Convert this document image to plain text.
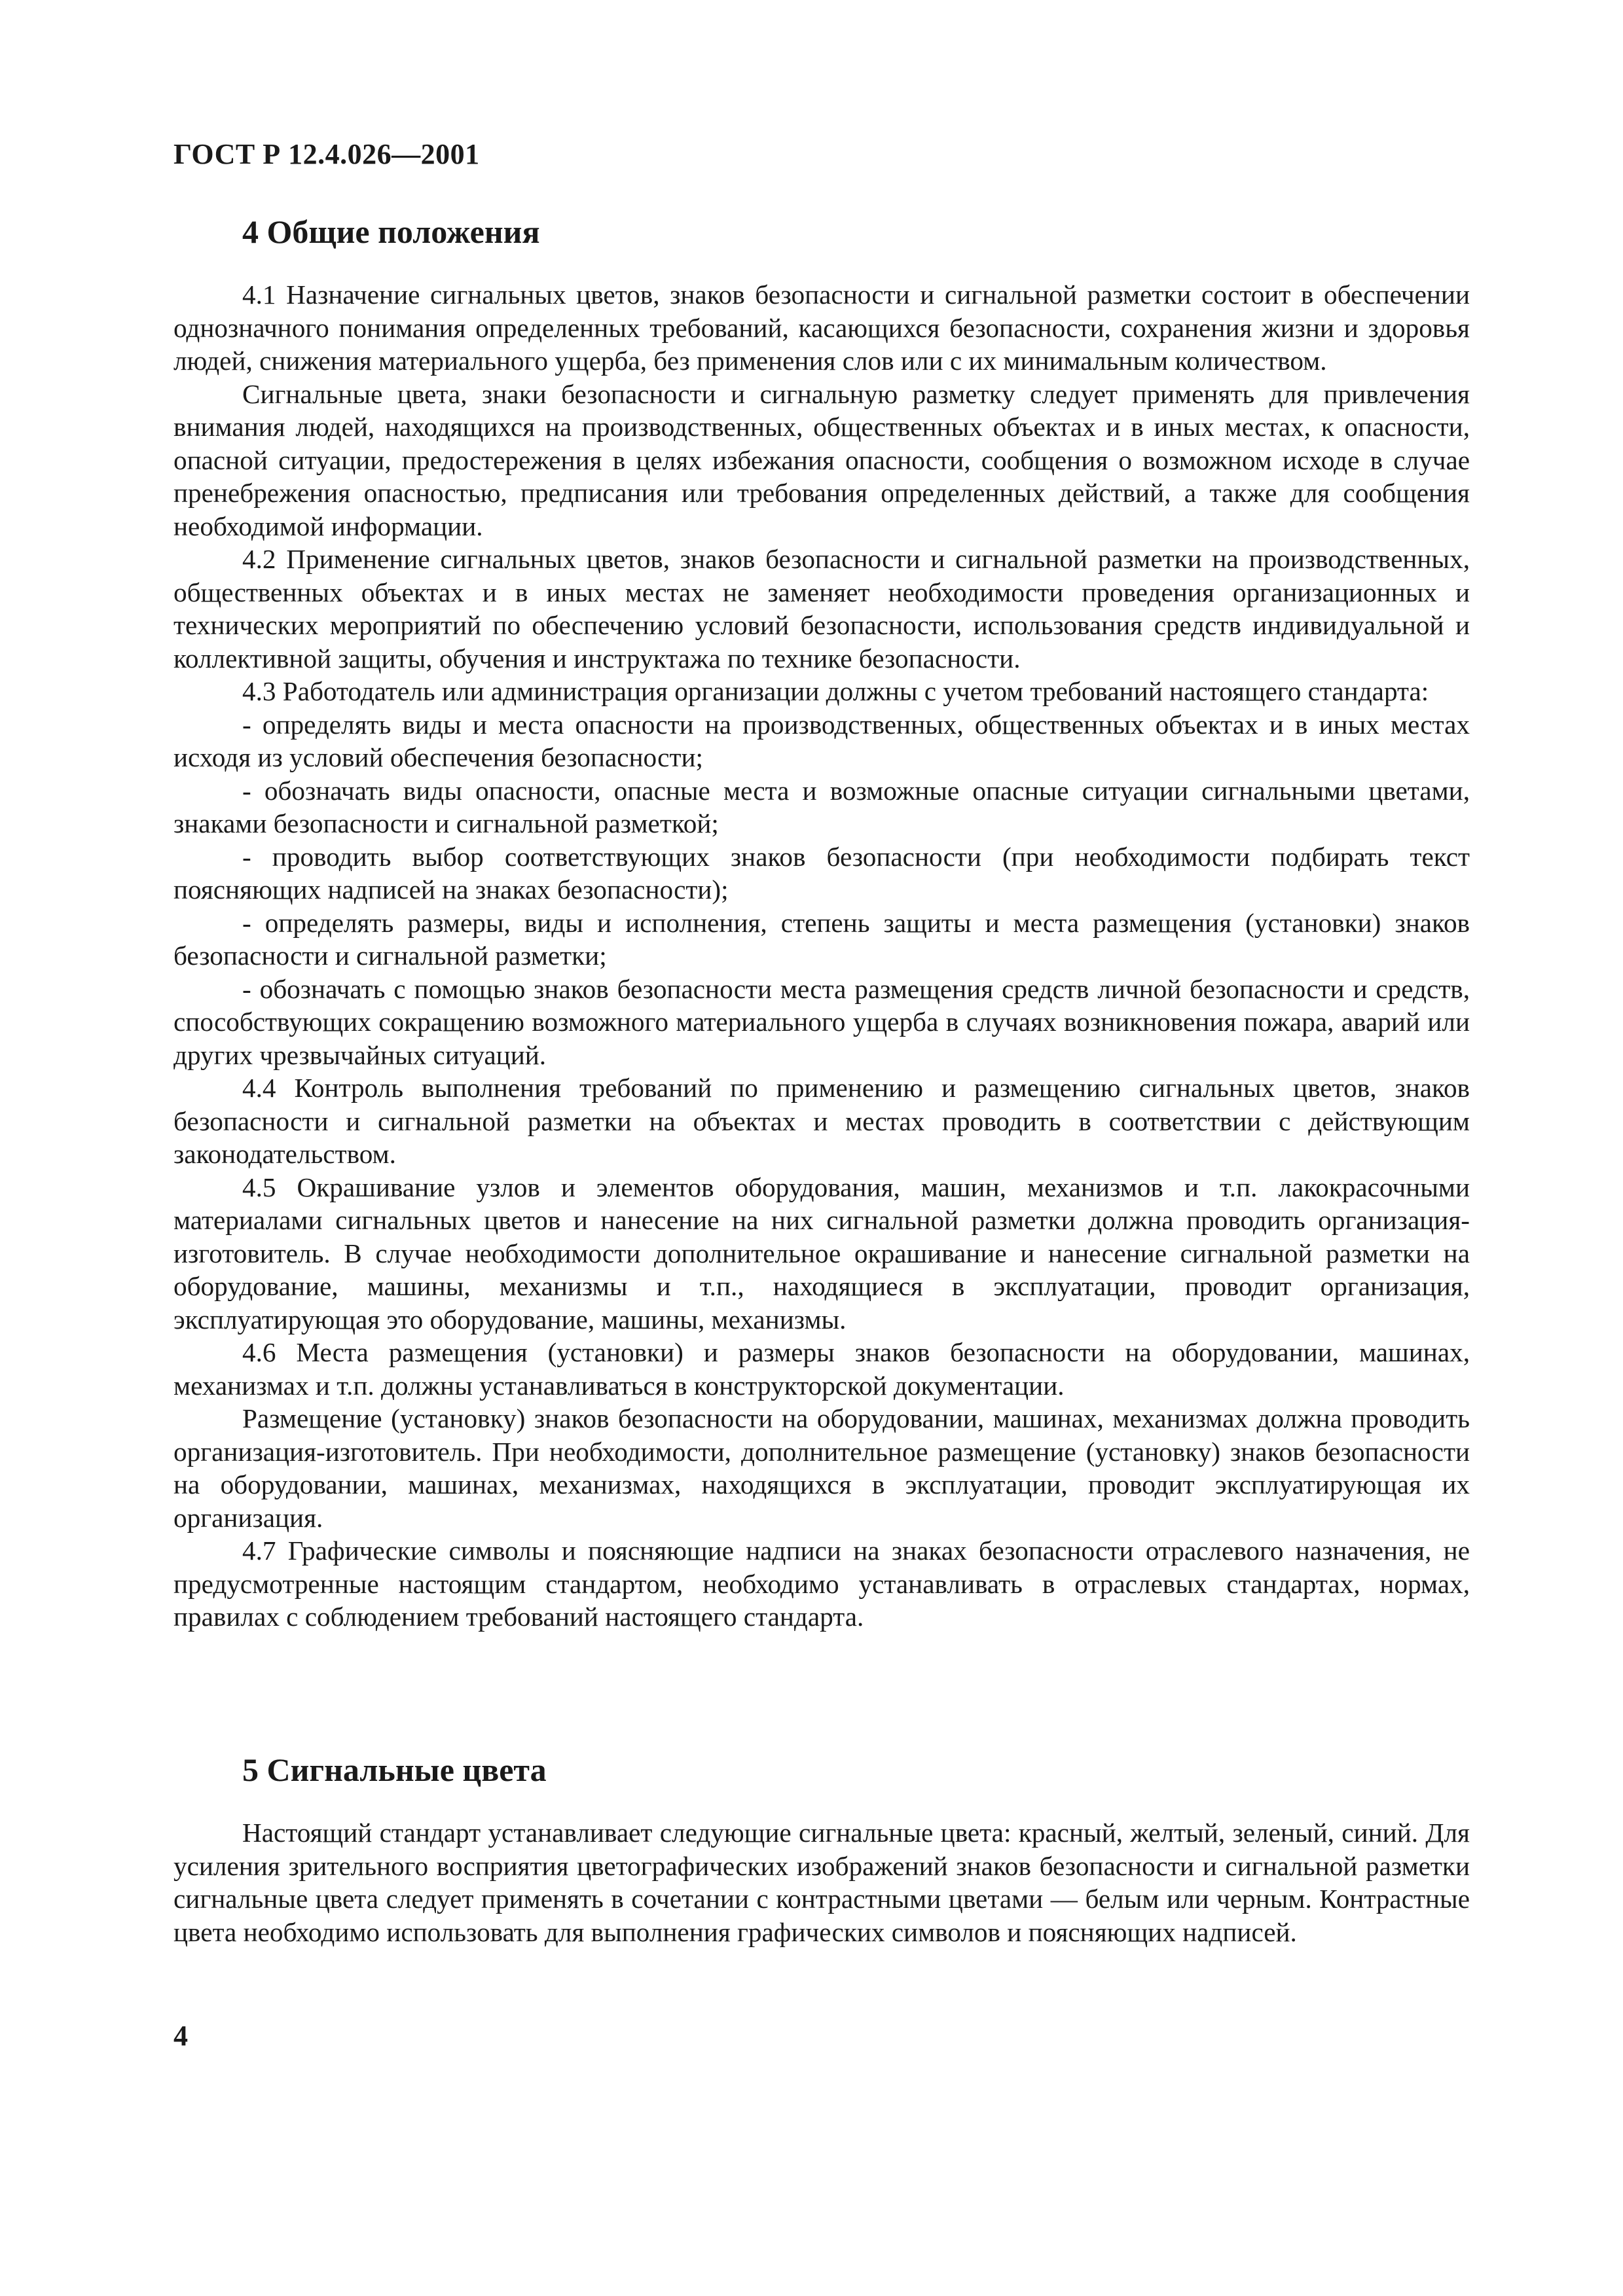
ГОСТ Р 12.4.026—2001
4 Общие положения

4.1 Назначение сигнальных цветов, знаков безопасности и сигнальной разметки состоит в обеспечении однозначного понимания определенных требований, касающихся безопасности, сохранения жизни и здоровья людей, снижения материального ущерба, без применения слов или с их минимальным количеством.

Сигнальные цвета, знаки безопасности и сигнальную разметку следует применять для привлечения внимания людей, находящихся на производственных, общественных объектах и в иных местах, к опасности, опасной ситуации, предостережения в целях избежания опасности, сообщения о возможном исходе в случае пренебрежения опасностью, предписания или требования определенных действий, а также для сообщения необходимой информации.

4.2 Применение сигнальных цветов, знаков безопасности и сигнальной разметки на производственных, общественных объектах и в иных местах не заменяет необходимости проведения организационных и технических мероприятий по обеспечению условий безопасности, использования средств индивидуальной и коллективной защиты, обучения и инструктажа по технике безопасности.

4.3 Работодатель или администрация организации должны с учетом требований настоящего стандарта:

- определять виды и места опасности на производственных, общественных объектах и в иных местах исходя из условий обеспечения безопасности;

- обозначать виды опасности, опасные места и возможные опасные ситуации сигнальными цветами, знаками безопасности и сигнальной разметкой;

- проводить выбор соответствующих знаков безопасности (при необходимости подбирать текст поясняющих надписей на знаках безопасности);

- определять размеры, виды и исполнения, степень защиты и места размещения (установки) знаков безопасности и сигнальной разметки;

- обозначать с помощью знаков безопасности места размещения средств личной безопасности и средств, способствующих сокращению возможного материального ущерба в случаях возникновения пожара, аварий или других чрезвычайных ситуаций.

4.4 Контроль выполнения требований по применению и размещению сигнальных цветов, знаков безопасности и сигнальной разметки на объектах и местах проводить в соответствии с действующим законодательством.

4.5 Окрашивание узлов и элементов оборудования, машин, механизмов и т.п. лакокрасочными материалами сигнальных цветов и нанесение на них сигнальной разметки должна проводить организация-изготовитель. В случае необходимости дополнительное окрашивание и нанесение сигнальной разметки на оборудование, машины, механизмы и т.п., находящиеся в эксплуатации, проводит организация, эксплуатирующая это оборудование, машины, механизмы.

4.6 Места размещения (установки) и размеры знаков безопасности на оборудовании, машинах, механизмах и т.п. должны устанавливаться в конструкторской документации.

Размещение (установку) знаков безопасности на оборудовании, машинах, механизмах должна проводить организация-изготовитель. При необходимости, дополнительное размещение (установку) знаков безопасности на оборудовании, машинах, механизмах, находящихся в эксплуатации, проводит эксплуатирующая их организация.

4.7 Графические символы и поясняющие надписи на знаках безопасности отраслевого назначения, не предусмотренные настоящим стандартом, необходимо устанавливать в отраслевых стандартах, нормах, правилах с соблюдением требований настоящего стандарта.

5 Сигнальные цвета

Настоящий стандарт устанавливает следующие сигнальные цвета: красный, желтый, зеленый, синий. Для усиления зрительного восприятия цветографических изображений знаков безопасности и сигнальной разметки сигнальные цвета следует применять в сочетании с контрастными цветами — белым или черным. Контрастные цвета необходимо использовать для выполнения графических символов и поясняющих надписей.

4
